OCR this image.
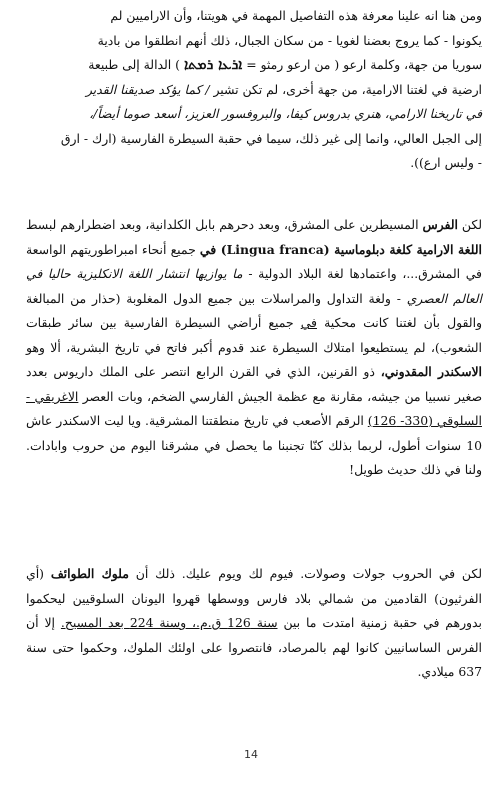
ومن هنا انه علينا معرفة هذه التفاصيل المهمة في هويتنا، وأن الاراميين لم
يكونوا - كما يروج بعضنا لغويا - من سكان الجبال، ذلك أنهم انطلقوا من بادية
سوريا من جهة، وكلمة ارعو ( من ارعو رمثو = ܐܪܥܐ ܪܡܬܐ ) الدالة إلى طبيعة
ارضية في لغتنا الارامية، من جهة أخرى، لم تكن تشير / كما يؤكد صديقنا القدير
في تاريخنا الارامي، هنري بدروس كيفا، والبروفسور العزيز، أسعد صوما أيضاً/،
إلى الجبل العالي، وانما إلى غير ذلك، سيما في حقبة السيطرة الفارسية (ارك - ارق
- وليس ارع)).

لكن الفرس المسيطرين على المشرق، وبعد دحرهم بابل الكلدانية، وبعد اضطرارهم لبسط اللغة الارامية كلغة دبلوماسية (Lingua franca) في جميع أنحاء امبراطوريتهم الواسعة في المشرق...، واعتمادها لغة البلاد الدولية - ما يوازيها انتشار اللغة الانكليزية حاليا في العالم العصري - ولغة التداول والمراسلات بين جميع الدول المغلوبة (حذار من المبالغة والقول بأن لغتنا كانت محكية في جميع أراضي السيطرة الفارسية بين سائر طبقات الشعوب)، لم يستطيعوا امتلاك السيطرة عند قدوم أكبر فاتح في تاريخ البشرية، ألا وهو الاسكندر المقدوني، ذو القرنين، الذي في القرن الرابع انتصر على الملك داريوس بعدد صغير نسبيا من جيشه، مقارنة مع عظمة الجيش الفارسي الضخم، وبات العصر الاغريقي - السلوقي (330- 126) الرقم الأصعب في تاريخ منطقتنا المشرقية. ويا ليت الاسكندر عاش 10 سنوات أطول، لربما بذلك كنّا تجنبنا ما يحصل في مشرقنا اليوم من حروب وابادات. ولنا في ذلك حديث طويل!

لكن في الحروب جولات وصولات. فيوم لك ويوم عليك. ذلك أن ملوك الطوائف (أي الفرثيون) القادمين من شمالي بلاد فارس ووسطها قهروا اليونان السلوقيين ليحكموا بدورهم في حقبة زمنية امتدت ما بين سنة 126 ق.م.، وسنة 224 بعد المسيح. إلا أن الفرس الساسانيين كانوا لهم بالمرصاد، فانتصروا على اولئك الملوك، وحكموا حتى سنة 637 ميلادي.

14
